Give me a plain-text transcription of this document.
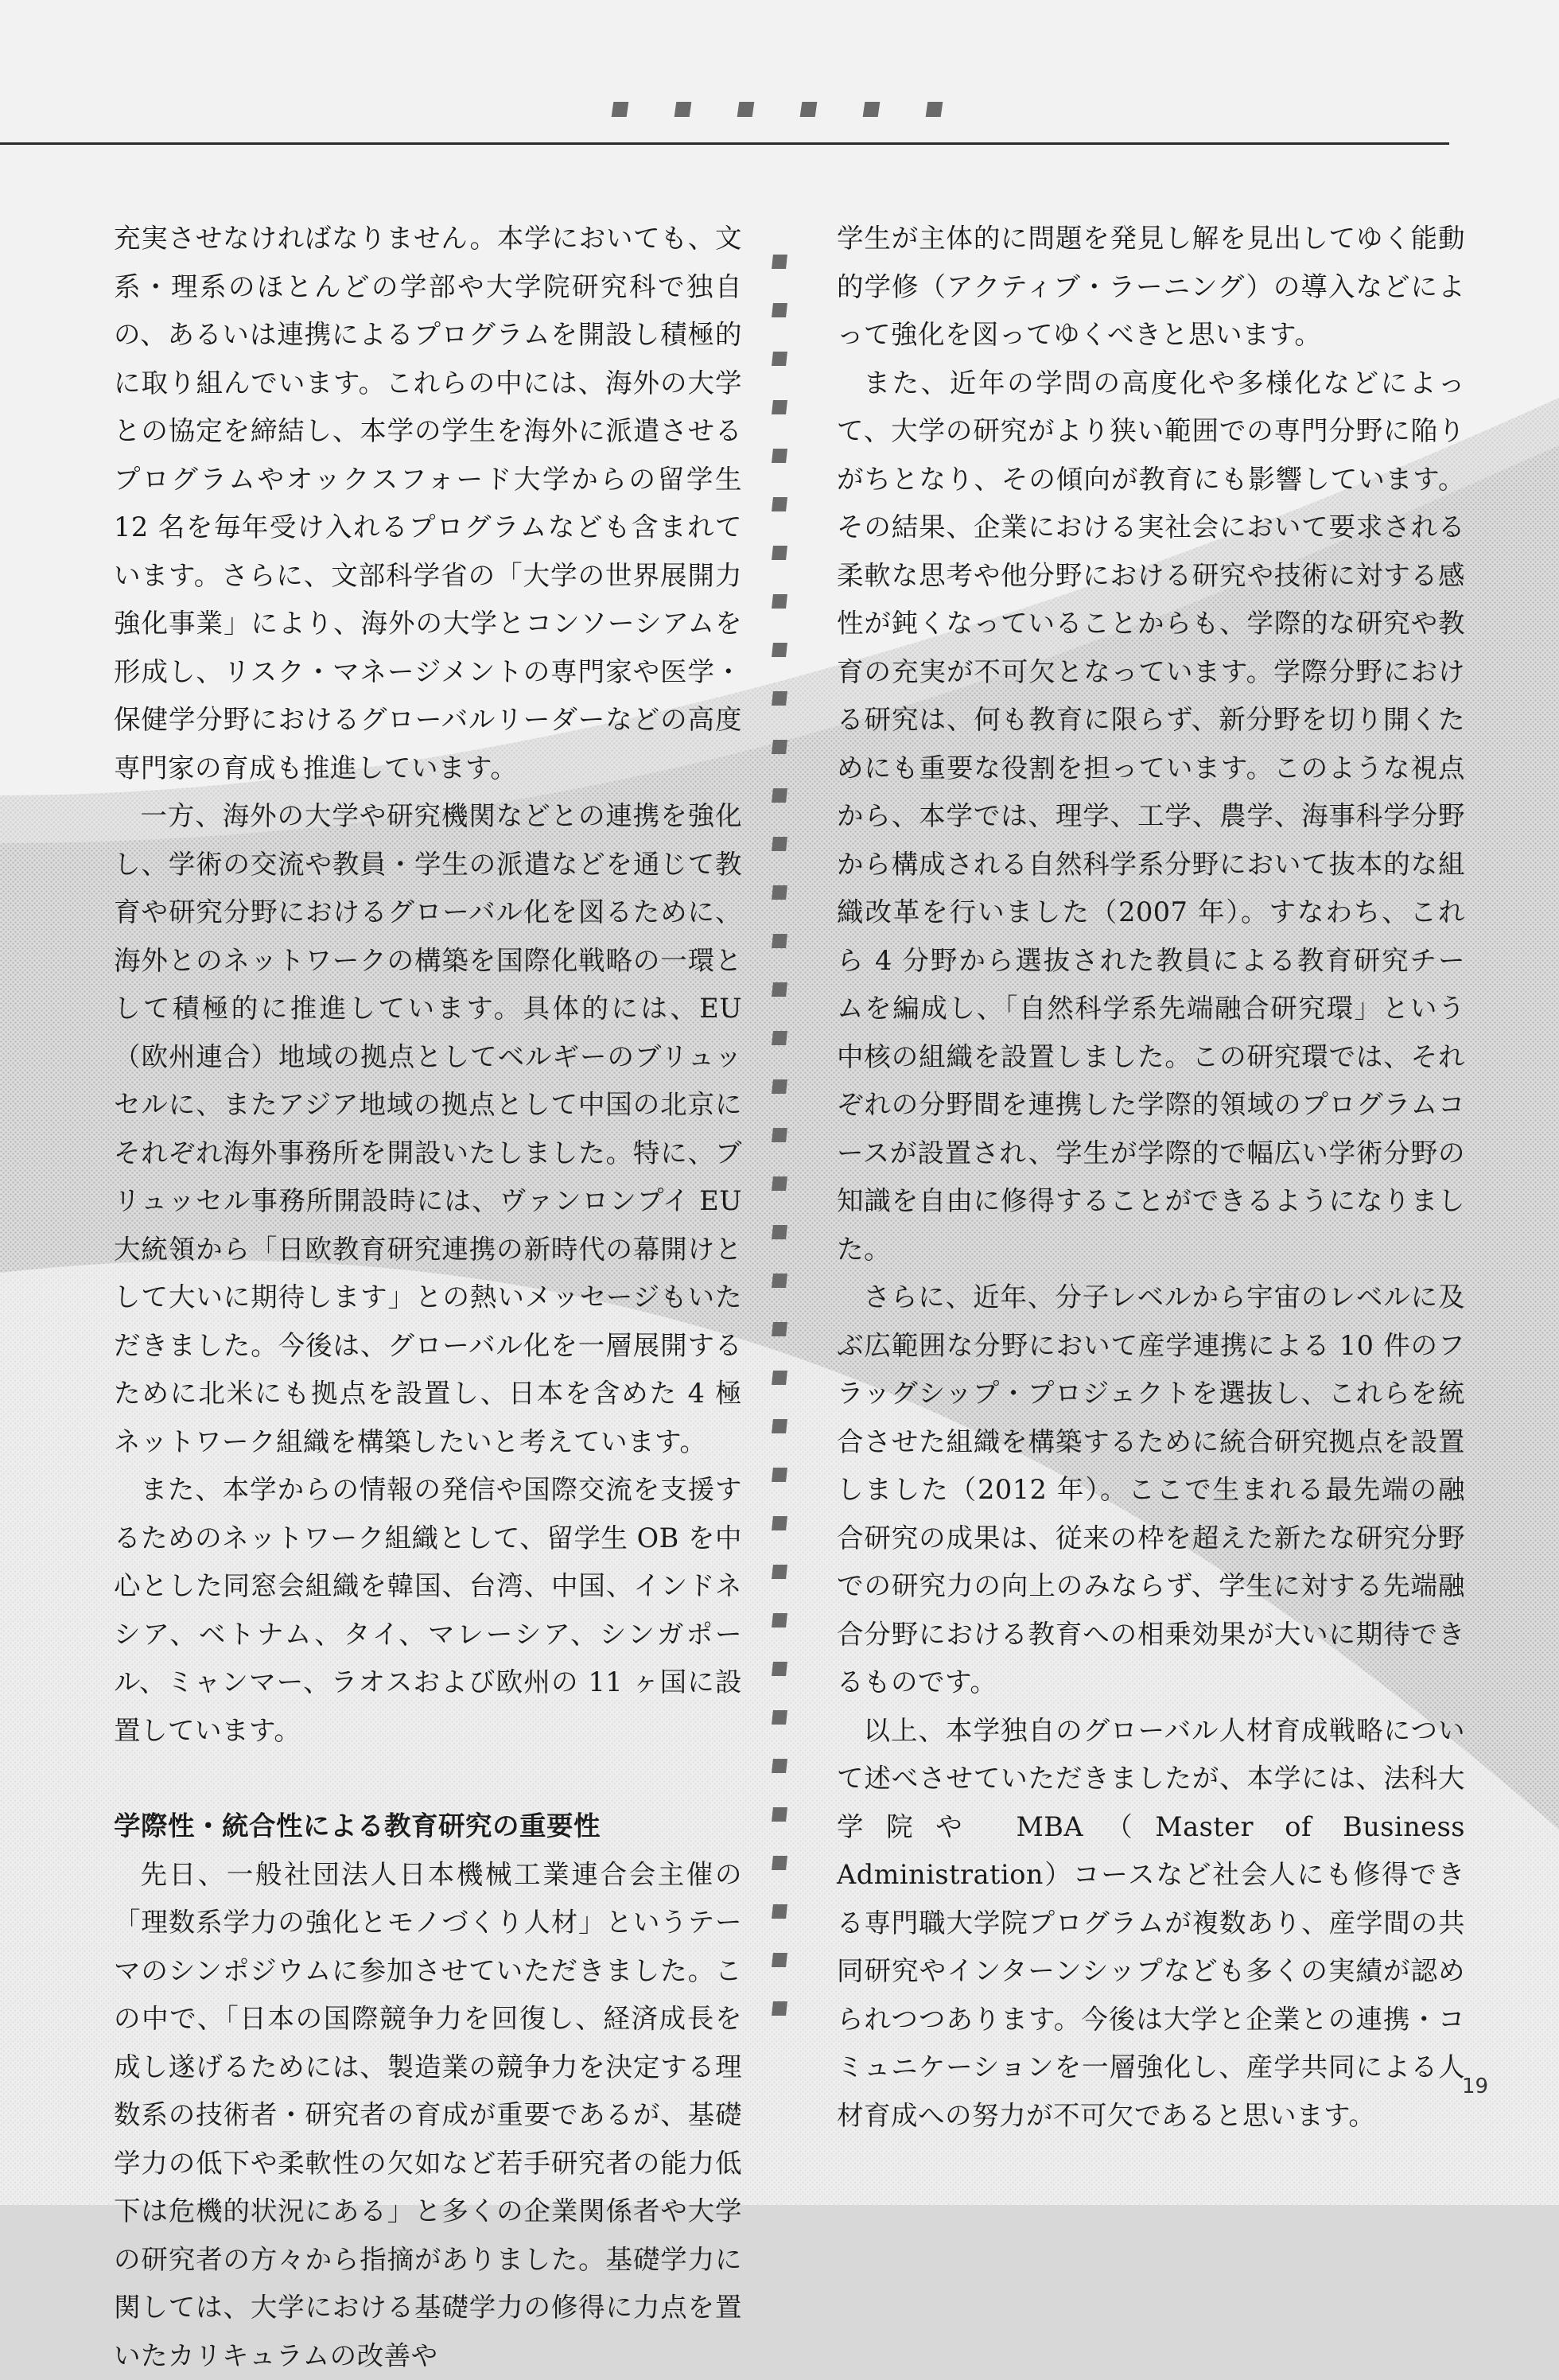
充実させなければなりません。本学においても、文系・理系のほとんどの学部や大学院研究科で独自の、あるいは連携によるプログラムを開設し積極的に取り組んでいます。これらの中には、海外の大学との協定を締結し、本学の学生を海外に派遣させるプログラムやオックスフォード大学からの留学生 12 名を毎年受け入れるプログラムなども含まれています。さらに、文部科学省の「大学の世界展開力強化事業」により、海外の大学とコンソーシアムを形成し、リスク・マネージメントの専門家や医学・保健学分野におけるグローバルリーダーなどの高度専門家の育成も推進しています。

一方、海外の大学や研究機関などとの連携を強化し、学術の交流や教員・学生の派遣などを通じて教育や研究分野におけるグローバル化を図るために、海外とのネットワークの構築を国際化戦略の一環として積極的に推進しています。具体的には、EU（欧州連合）地域の拠点としてベルギーのブリュッセルに、またアジア地域の拠点として中国の北京にそれぞれ海外事務所を開設いたしました。特に、ブリュッセル事務所開設時には、ヴァンロンプイ EU 大統領から「日欧教育研究連携の新時代の幕開けとして大いに期待します」との熱いメッセージもいただきました。今後は、グローバル化を一層展開するために北米にも拠点を設置し、日本を含めた 4 極ネットワーク組織を構築したいと考えています。

また、本学からの情報の発信や国際交流を支援するためのネットワーク組織として、留学生 OB を中心とした同窓会組織を韓国、台湾、中国、インドネシア、ベトナム、タイ、マレーシア、シンガポール、ミャンマー、ラオスおよび欧州の 11 ヶ国に設置しています。

学際性・統合性による教育研究の重要性

先日、一般社団法人日本機械工業連合会主催の「理数系学力の強化とモノづくり人材」というテーマのシンポジウムに参加させていただきました。この中で、「日本の国際競争力を回復し、経済成長を成し遂げるためには、製造業の競争力を決定する理数系の技術者・研究者の育成が重要であるが、基礎学力の低下や柔軟性の欠如など若手研究者の能力低下は危機的状況にある」と多くの企業関係者や大学の研究者の方々から指摘がありました。基礎学力に関しては、大学における基礎学力の修得に力点を置いたカリキュラムの改善や

学生が主体的に問題を発見し解を見出してゆく能動的学修（アクティブ・ラーニング）の導入などによって強化を図ってゆくべきと思います。

また、近年の学問の高度化や多様化などによって、大学の研究がより狭い範囲での専門分野に陥りがちとなり、その傾向が教育にも影響しています。その結果、企業における実社会において要求される柔軟な思考や他分野における研究や技術に対する感性が鈍くなっていることからも、学際的な研究や教育の充実が不可欠となっています。学際分野における研究は、何も教育に限らず、新分野を切り開くためにも重要な役割を担っています。このような視点から、本学では、理学、工学、農学、海事科学分野から構成される自然科学系分野において抜本的な組織改革を行いました（2007 年）。すなわち、これら 4 分野から選抜された教員による教育研究チームを編成し、「自然科学系先端融合研究環」という中核の組織を設置しました。この研究環では、それぞれの分野間を連携した学際的領域のプログラムコースが設置され、学生が学際的で幅広い学術分野の知識を自由に修得することができるようになりました。

さらに、近年、分子レベルから宇宙のレベルに及ぶ広範囲な分野において産学連携による 10 件のフラッグシップ・プロジェクトを選抜し、これらを統合させた組織を構築するために統合研究拠点を設置しました（2012 年）。ここで生まれる最先端の融合研究の成果は、従来の枠を超えた新たな研究分野での研究力の向上のみならず、学生に対する先端融合分野における教育への相乗効果が大いに期待できるものです。

以上、本学独自のグローバル人材育成戦略について述べさせていただきましたが、本学には、法科大学院や MBA（Master of Business Administration）コースなど社会人にも修得できる専門職大学院プログラムが複数あり、産学間の共同研究やインターンシップなども多くの実績が認められつつあります。今後は大学と企業との連携・コミュニケーションを一層強化し、産学共同による人材育成への努力が不可欠であると思います。

19
